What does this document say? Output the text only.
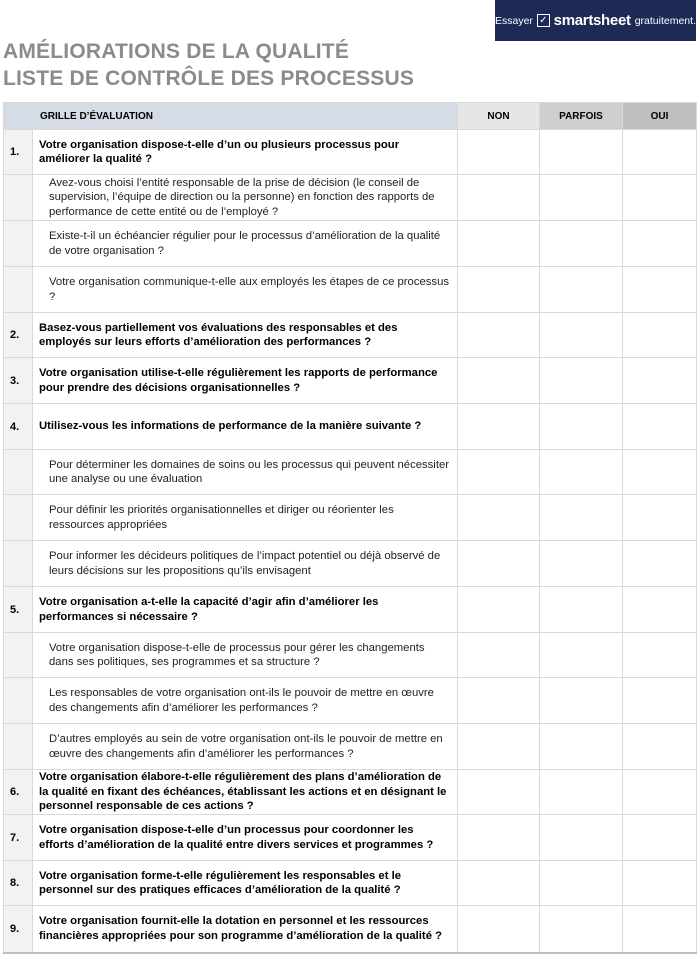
Essayer ✓ smartsheet gratuitement.
AMÉLIORATIONS DE LA QUALITÉ
LISTE DE CONTRÔLE DES PROCESSUS
GRILLE D’ÉVALUATION		NON	PARFOIS	OUI
1.	Votre organisation dispose-t-elle d’un ou plusieurs processus pour améliorer la qualité ?			
	Avez-vous choisi l’entité responsable de la prise de décision (le conseil de supervision, l’équipe de direction ou la personne) en fonction des rapports de performance de cette entité ou de l’employé ?			
	Existe-t-il un échéancier régulier pour le processus d’amélioration de la qualité de votre organisation ?			
	Votre organisation communique-t-elle aux employés les étapes de ce processus ?			
2.	Basez-vous partiellement vos évaluations des responsables et des employés sur leurs efforts d’amélioration des performances ?			
3.	Votre organisation utilise-t-elle régulièrement les rapports de performance pour prendre des décisions organisationnelles ?			
4.	Utilisez-vous les informations de performance de la manière suivante ?			
	Pour déterminer les domaines de soins ou les processus qui peuvent nécessiter une analyse ou une évaluation			
	Pour définir les priorités organisationnelles et diriger ou réorienter les ressources appropriées			
	Pour informer les décideurs politiques de l’impact potentiel ou déjà observé de leurs décisions sur les propositions qu’ils envisagent			
5.	Votre organisation a-t-elle la capacité d’agir afin d’améliorer les performances si nécessaire ?			
	Votre organisation dispose-t-elle de processus pour gérer les changements dans ses politiques, ses programmes et sa structure ?			
	Les responsables de votre organisation ont-ils le pouvoir de mettre en œuvre des changements afin d’améliorer les performances ?			
	D’autres employés au sein de votre organisation ont-ils le pouvoir de mettre en œuvre des changements afin d’améliorer les performances ?			
6.	Votre organisation élabore-t-elle régulièrement des plans d’amélioration de la qualité en fixant des échéances, établissant les actions et en désignant le personnel responsable de ces actions ?			
7.	Votre organisation dispose-t-elle d’un processus pour coordonner les efforts d’amélioration de la qualité entre divers services et programmes ?			
8.	Votre organisation forme-t-elle régulièrement les responsables et le personnel sur des pratiques efficaces d’amélioration de la qualité ?			
9.	Votre organisation fournit-elle la dotation en personnel et les ressources financières appropriées pour son programme d’amélioration de la qualité ?			
